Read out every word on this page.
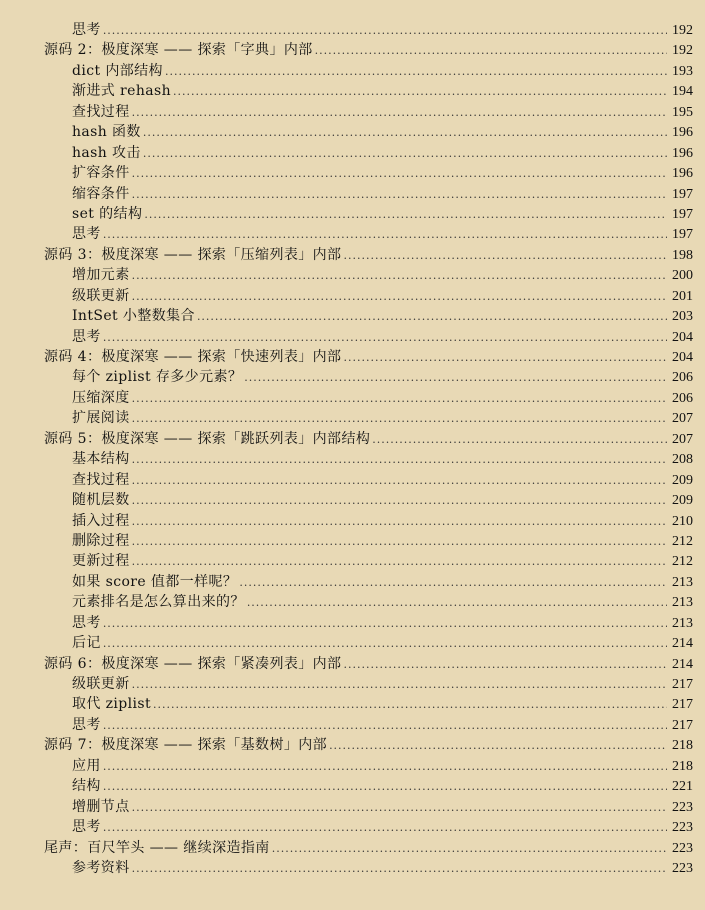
思考 .....	192
源码 2：极度深寒 —— 探索「字典」内部 .....	192
dict 内部结构 .....	193
渐进式 rehash .....	194
查找过程 .....	195
hash 函数 .....	196
hash 攻击 .....	196
扩容条件 .....	196
缩容条件 .....	197
set 的结构 .....	197
思考 .....	197
源码 3：极度深寒 —— 探索「压缩列表」内部 .....	198
增加元素 .....	200
级联更新 .....	201
IntSet 小整数集合 .....	203
思考 .....	204
源码 4：极度深寒 —— 探索「快速列表」内部 .....	204
每个 ziplist 存多少元素？ .....	206
压缩深度 .....	206
扩展阅读 .....	207
源码 5：极度深寒 —— 探索「跳跃列表」内部结构 .....	207
基本结构 .....	208
查找过程 .....	209
随机层数 .....	209
插入过程 .....	210
删除过程 .....	212
更新过程 .....	212
如果 score 值都一样呢？ .....	213
元素排名是怎么算出来的？ .....	213
思考 .....	213
后记 .....	214
源码 6：极度深寒 —— 探索「紧凑列表」内部 .....	214
级联更新 .....	217
取代 ziplist .....	217
思考 .....	217
源码 7：极度深寒 —— 探索「基数树」内部 .....	218
应用 .....	218
结构 .....	221
增删节点 .....	223
思考 .....	223
尾声：百尺竿头 —— 继续深造指南 .....	223
参考资料 .....	223
